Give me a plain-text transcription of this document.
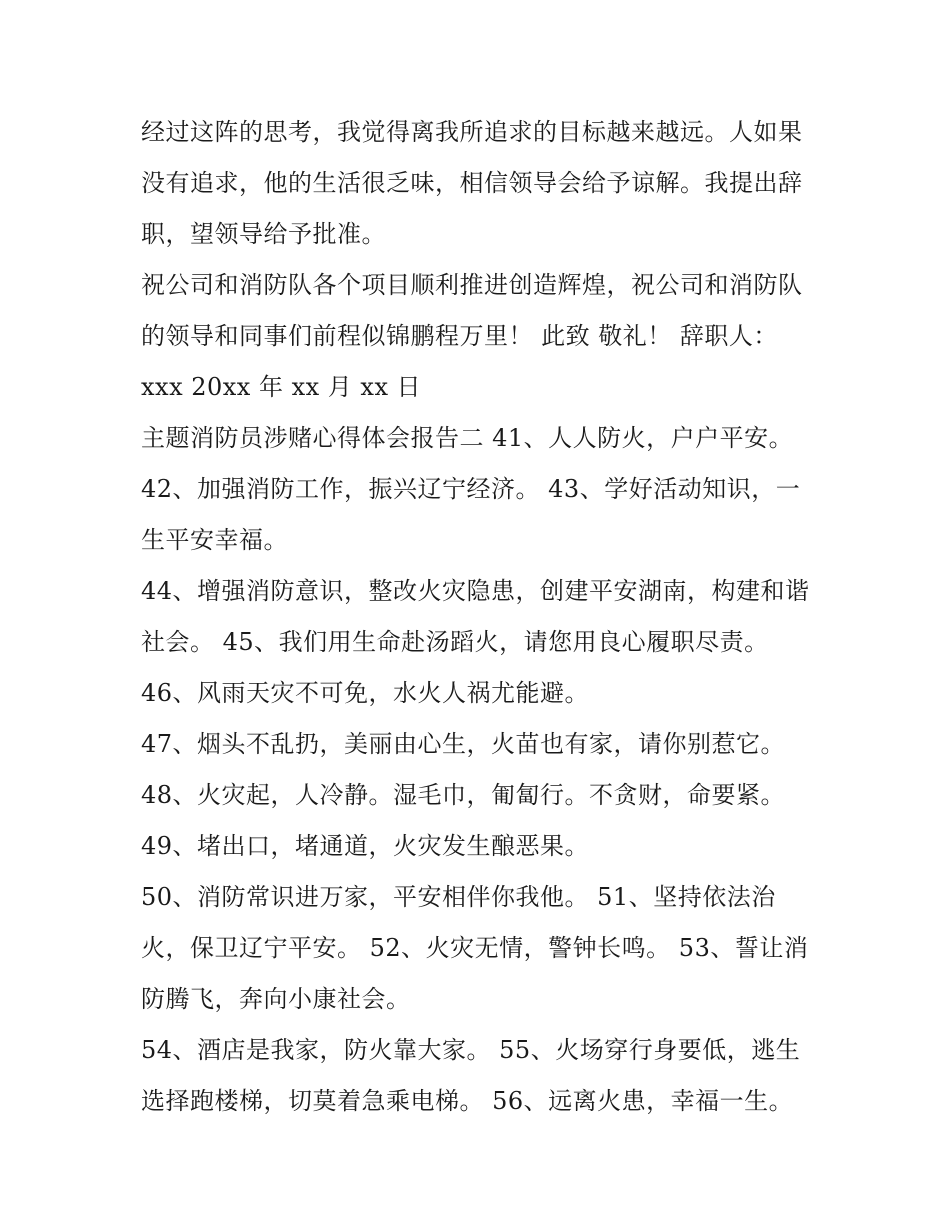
经过这阵的思考，我觉得离我所追求的目标越来越远。人如果
没有追求，他的生活很乏味，相信领导会给予谅解。我提出辞
职，望领导给予批准。
祝公司和消防队各个项目顺利推进创造辉煌，祝公司和消防队
的领导和同事们前程似锦鹏程万里！ 此致 敬礼！ 辞职人：
xxx 20xx 年 xx 月 xx 日
主题消防员涉赌心得体会报告二 41、人人防火，户户平安。
42、加强消防工作，振兴辽宁经济。 43、学好活动知识，一
生平安幸福。
44、增强消防意识，整改火灾隐患，创建平安湖南，构建和谐
社会。 45、我们用生命赴汤蹈火，请您用良心履职尽责。
46、风雨天灾不可免，水火人祸尤能避。
47、烟头不乱扔，美丽由心生，火苗也有家，请你别惹它。
48、火灾起，人冷静。湿毛巾，匍匐行。不贪财，命要紧。
49、堵出口，堵通道，火灾发生酿恶果。
50、消防常识进万家，平安相伴你我他。 51、坚持依法治
火，保卫辽宁平安。 52、火灾无情，警钟长鸣。 53、誓让消
防腾飞，奔向小康社会。
54、酒店是我家，防火靠大家。 55、火场穿行身要低，逃生
选择跑楼梯，切莫着急乘电梯。 56、远离火患，幸福一生。
